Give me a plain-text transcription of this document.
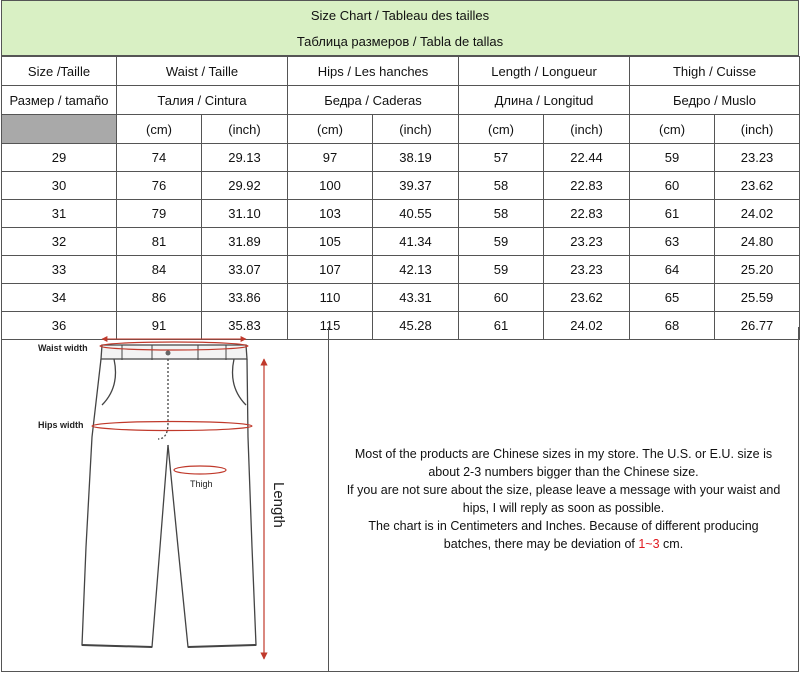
Size Chart / Tableau des tailles
Таблица размеров / Tabla de tallas
Size /Taille	Waist / Taille		Hips / Les hanches		Length / Longueur		Thigh / Cuisse	
Размер / tamaño	Талия / Cintura		Бедра / Caderas		Длина / Longitud		Бедро / Muslo	
	(cm)	(inch)	(cm)	(inch)	(cm)	(inch)	(cm)	(inch)
29	74	29.13	97	38.19	57	22.44	59	23.23
30	76	29.92	100	39.37	58	22.83	60	23.62
31	79	31.10	103	40.55	58	22.83	61	24.02
32	81	31.89	105	41.34	59	23.23	63	24.80
33	84	33.07	107	42.13	59	23.23	64	25.20
34	86	33.86	110	43.31	60	23.62	65	25.59
36	91	35.83	115	45.28	61	24.02	68	26.77
Waist width
Hips width
Thigh	Length
Most of the products are Chinese sizes in my store. The U.S. or E.U. size is
about 2-3 numbers bigger than the Chinese size.
If you are not sure about the size, please leave a message with your waist and
hips, I will reply as soon as possible.
The chart is in Centimeters and Inches. Because of different producing
batches, there may be deviation of 1~3 cm.
